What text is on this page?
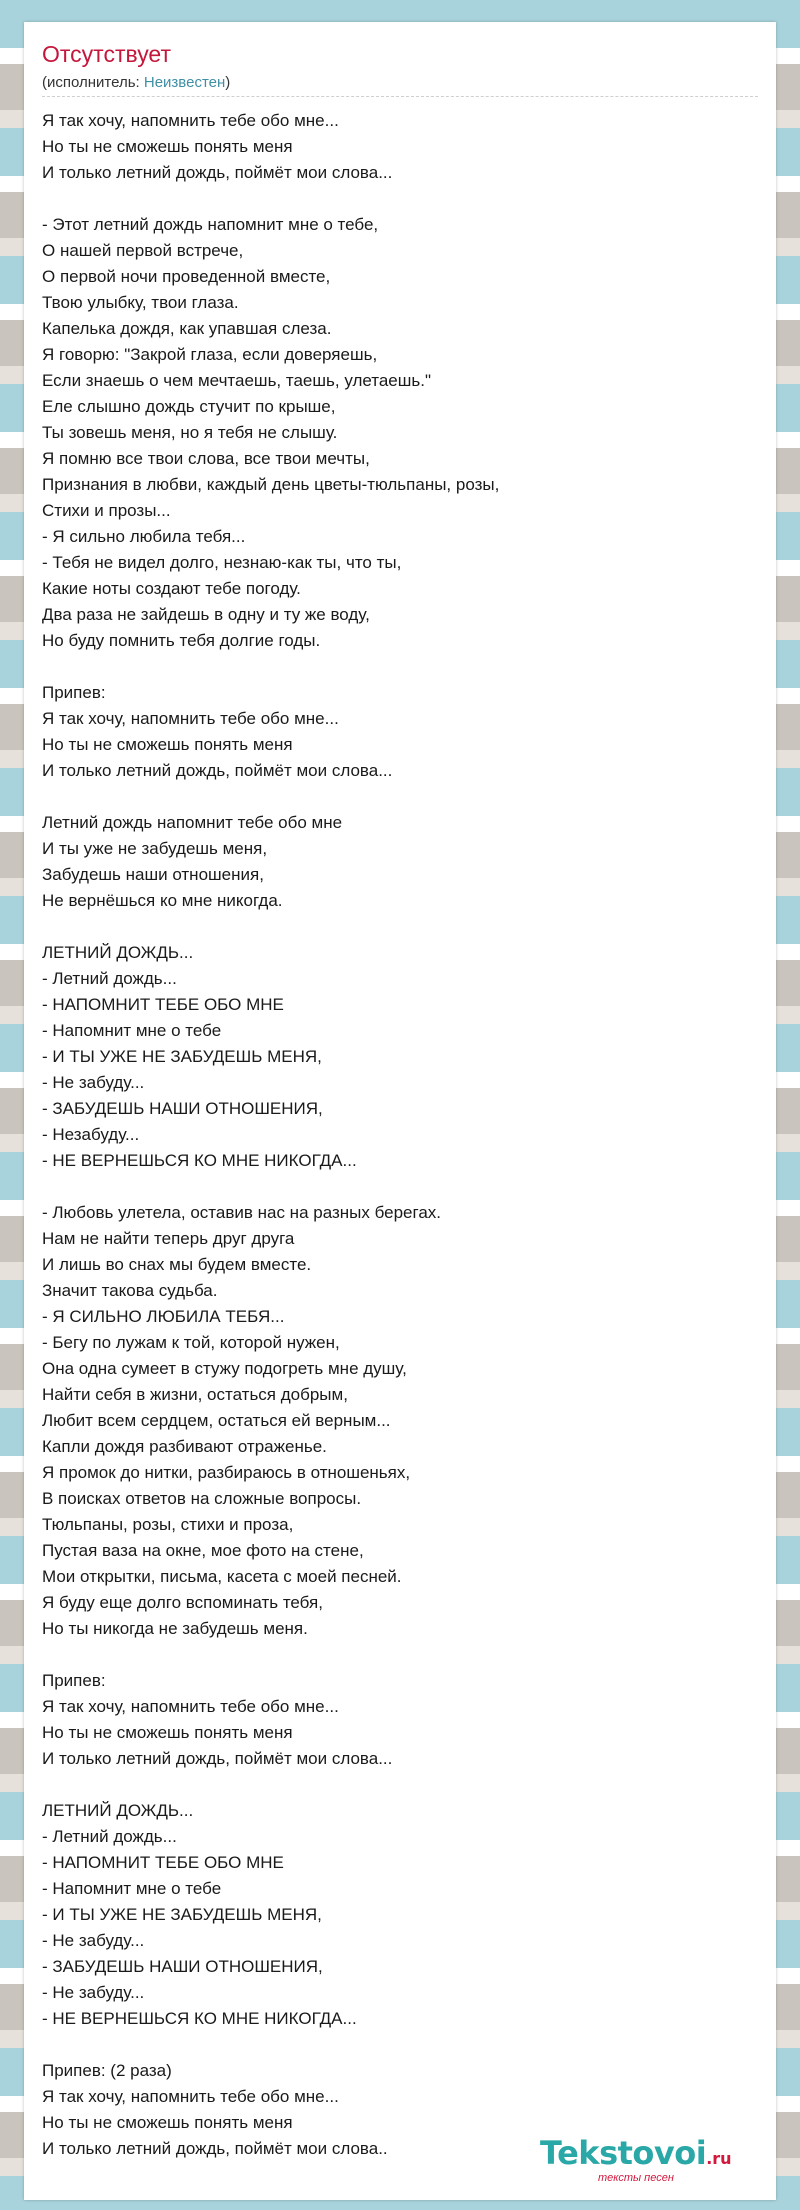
Отсутствует
(исполнитель: Неизвестен)
Я так хочу, напомнить тебе обо мне...
Но ты не сможешь понять меня
И только летний дождь, поймёт мои слова...
- Этот летний дождь напомнит мне о тебе,
О нашей первой встрече,
О первой ночи проведенной вместе,
Твою улыбку, твои глаза.
Капелька дождя, как упавшая слеза.
Я говорю: "Закрой глаза, если доверяешь,
Если знаешь о чем мечтаешь, таешь, улетаешь."
Еле слышно дождь стучит по крыше,
Ты зовешь меня, но я тебя не слышу.
Я помню все твои слова, все твои мечты,
Признания в любви, каждый день цветы-тюльпаны, розы,
Стихи и прозы...
- Я сильно любила тебя...
- Тебя не видел долго, незнаю-как ты, что ты,
Какие ноты создают тебе погоду.
Два раза не зайдешь в одну и ту же воду,
Но буду помнить тебя долгие годы.
Припев:
Я так хочу, напомнить тебе обо мне...
Но ты не сможешь понять меня
И только летний дождь, поймёт мои слова...
Летний дождь напомнит тебе обо мне
И ты уже не забудешь меня,
Забудешь наши отношения,
Не вернёшься ко мне никогда.
ЛЕТНИЙ ДОЖДЬ...
- Летний дождь...
- НАПОМНИТ ТЕБЕ ОБО МНЕ
- Напомнит мне о тебе
- И ТЫ УЖЕ НЕ ЗАБУДЕШЬ МЕНЯ,
- Не забуду...
- ЗАБУДЕШЬ НАШИ ОТНОШЕНИЯ,
- Незабуду...
- НЕ ВЕРНЕШЬСЯ КО МНЕ НИКОГДА...
- Любовь улетела, оставив нас на разных берегах.
Нам не найти теперь друг друга
И лишь во снах мы будем вместе.
Значит такова судьба.
- Я СИЛЬНО ЛЮБИЛА ТЕБЯ...
- Бегу по лужам к той, которой нужен,
Она одна сумеет в стужу подогреть мне душу,
Найти себя в жизни, остаться добрым,
Любит всем сердцем, остаться ей верным...
Капли дождя разбивают отраженье.
Я промок до нитки, разбираюсь в отношеньях,
В поисках ответов на сложные вопросы.
Тюльпаны, розы, стихи и проза,
Пустая ваза на окне, мое фото на стене,
Мои открытки, письма, касета с моей песней.
Я буду еще долго вспоминать тебя,
Но ты никогда не забудешь меня.
Припев:
Я так хочу, напомнить тебе обо мне...
Но ты не сможешь понять меня
И только летний дождь, поймёт мои слова...
ЛЕТНИЙ ДОЖДЬ...
- Летний дождь...
- НАПОМНИТ ТЕБЕ ОБО МНЕ
- Напомнит мне о тебе
- И ТЫ УЖЕ НЕ ЗАБУДЕШЬ МЕНЯ,
- Не забуду...
- ЗАБУДЕШЬ НАШИ ОТНОШЕНИЯ,
- Не забуду...
- НЕ ВЕРНЕШЬСЯ КО МНЕ НИКОГДА...
Припев: (2 раза)
Я так хочу, напомнить тебе обо мне...
Но ты не сможешь понять меня
И только летний дождь, поймёт мои слова..	Tekstovoi.ru
тексты песен
